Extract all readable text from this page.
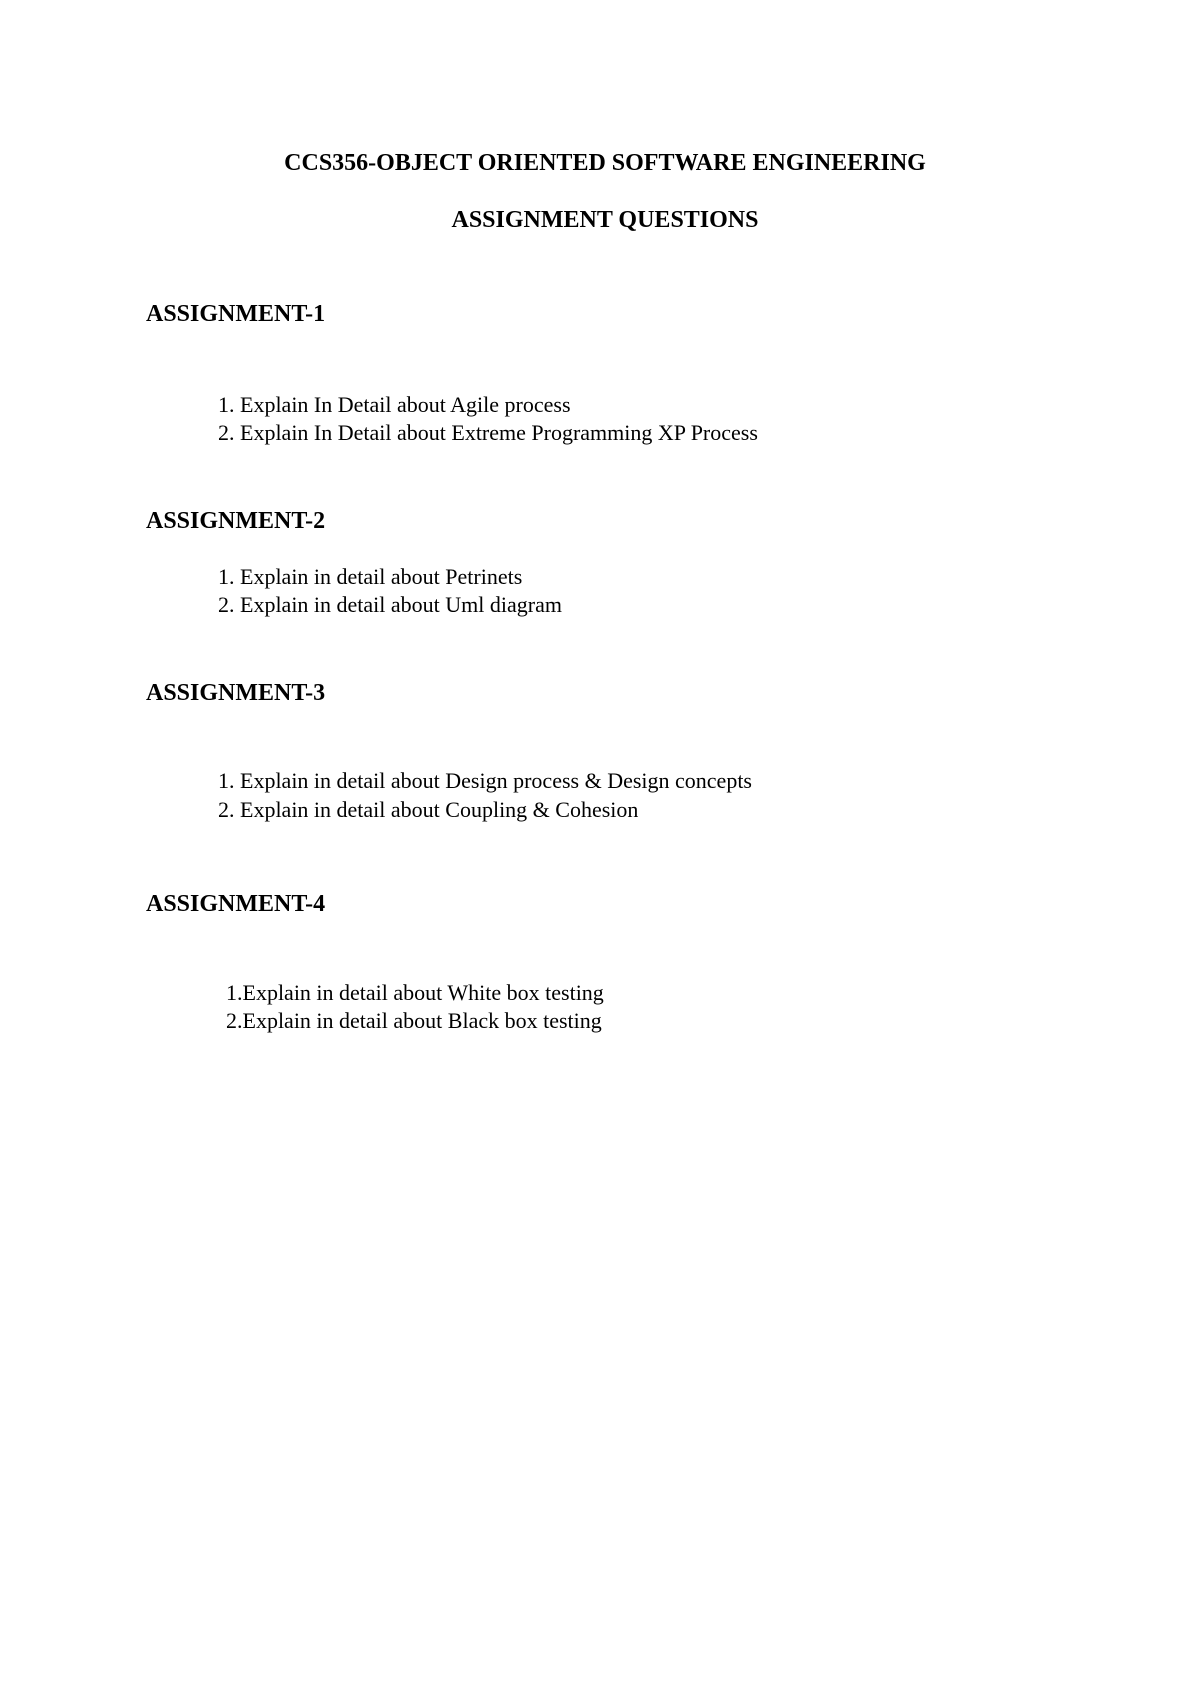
CCS356-OBJECT ORIENTED SOFTWARE ENGINEERING
ASSIGNMENT QUESTIONS
ASSIGNMENT-1
1. Explain In Detail about Agile process
2. Explain In Detail about Extreme Programming XP Process
ASSIGNMENT-2
1. Explain in detail about Petrinets
2. Explain in detail about Uml diagram
ASSIGNMENT-3
1. Explain in detail about Design process & Design concepts
2. Explain in detail about Coupling & Cohesion
ASSIGNMENT-4
1.Explain in detail about White box testing
2.Explain in detail about Black box testing
